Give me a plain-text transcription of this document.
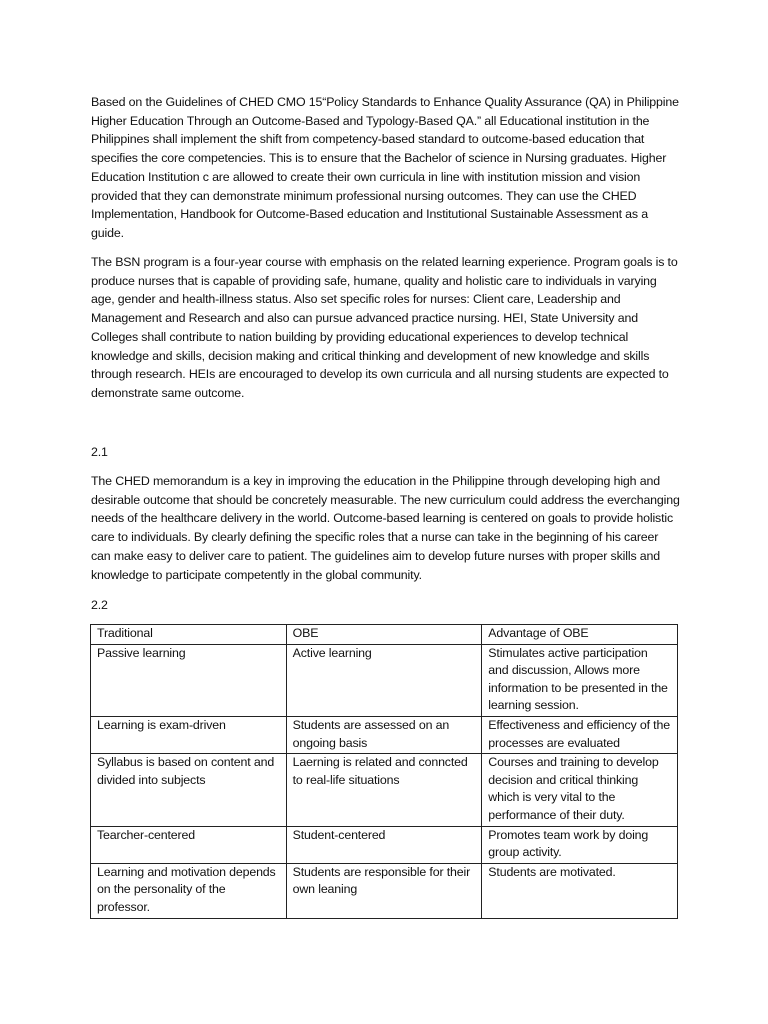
Based on the Guidelines of CHED CMO 15“Policy Standards to Enhance Quality Assurance (QA) in Philippine Higher Education Through an Outcome-Based and Typology-Based QA.” all Educational institution in the Philippines shall implement the shift from competency-based standard to outcome-based education that specifies the core competencies. This is to ensure that the Bachelor of science in Nursing graduates. Higher Education Institution c are allowed to create their own curricula in line with institution mission and vision provided that they can demonstrate minimum professional nursing outcomes. They can use the CHED Implementation, Handbook for Outcome-Based education and Institutional Sustainable Assessment as a guide.

The BSN program is a four-year course with emphasis on the related learning experience. Program goals is to produce nurses that is capable of providing safe, humane, quality and holistic care to individuals in varying age, gender and health-illness status. Also set specific roles for nurses: Client care, Leadership and Management and Research and also can pursue advanced practice nursing. HEI, State University and Colleges shall contribute to nation building by providing educational experiences to develop technical knowledge and skills, decision making and critical thinking and development of new knowledge and skills through research. HEIs are encouraged to develop its own curricula and all nursing students are expected to demonstrate same outcome.

2.1

The CHED memorandum is a key in improving the education in the Philippine through developing high and desirable outcome that should be concretely measurable. The new curriculum could address the everchanging needs of the healthcare delivery in the world. Outcome-based learning is centered on goals to provide holistic care to individuals. By clearly defining the specific roles that a nurse can take in the beginning of his career can make easy to deliver care to patient. The guidelines aim to develop future nurses with proper skills and knowledge to participate competently in the global community.

2.2

Traditional	OBE	Advantage of OBE
Passive learning	Active learning	Stimulates active participation and discussion, Allows more information to be presented in the learning session.
Learning is exam-driven	Students are assessed on an ongoing basis	Effectiveness and efficiency of the processes are evaluated
Syllabus is based on content and divided into subjects	Laerning is related and conncted to real-life situations	Courses and training to develop decision and critical thinking which is very vital to the performance of their duty.
Tearcher-centered	Student-centered	Promotes team work by doing group activity.
Learning and motivation depends on the personality of the professor.	Students are responsible for their own leaning	Students are motivated.
